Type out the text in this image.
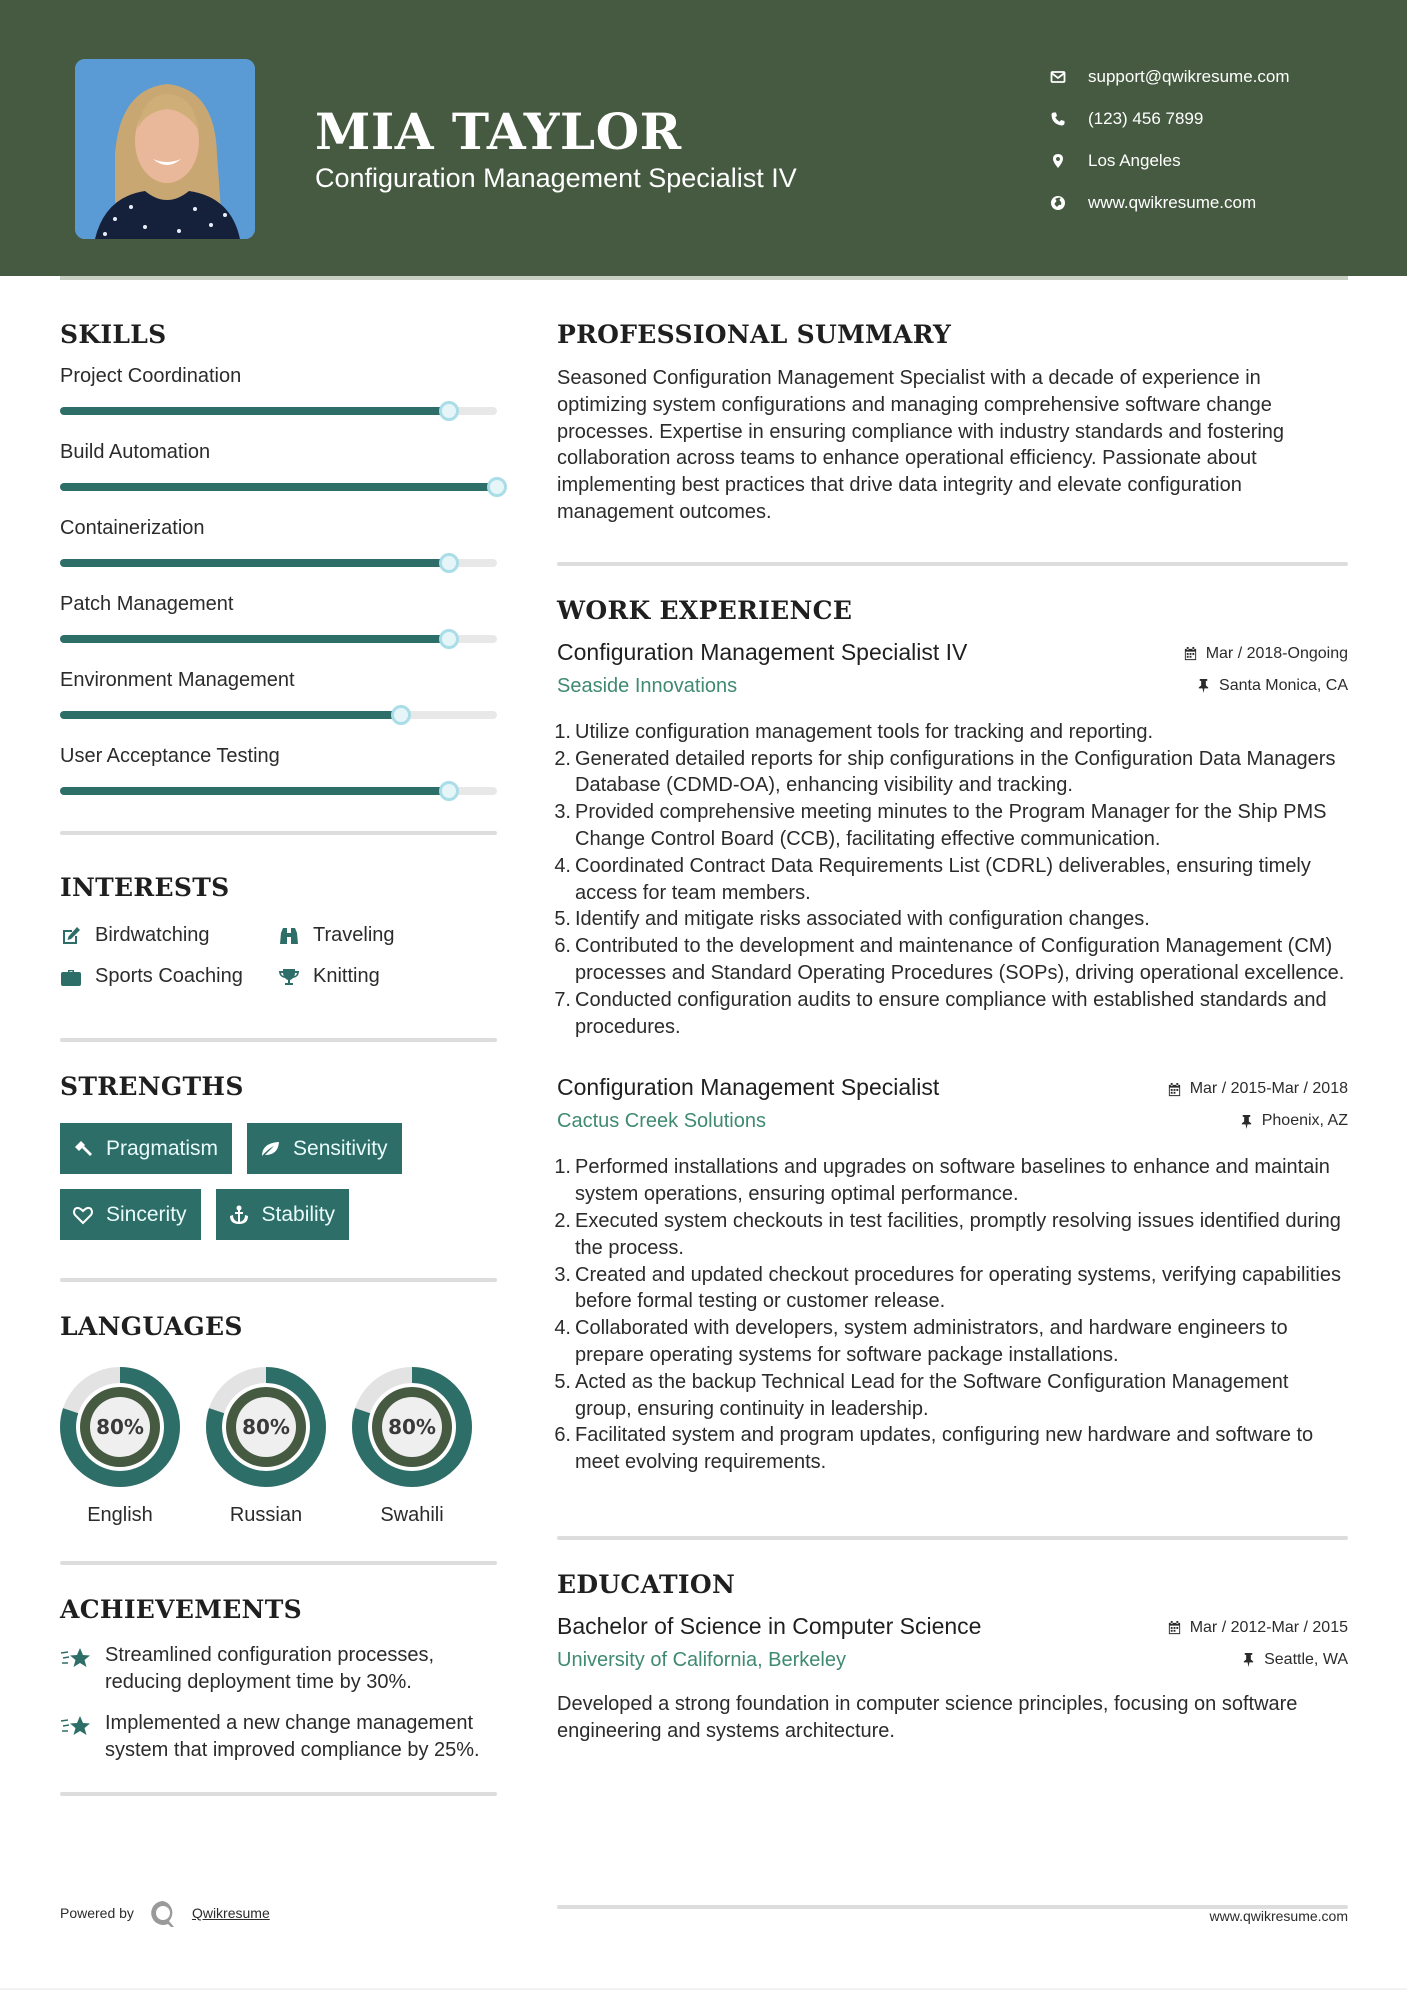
MIA TAYLOR
Configuration Management Specialist IV
support@qwikresume.com
(123) 456 7899
Los Angeles
www.qwikresume.com
SKILLS
Project Coordination
Build Automation
Containerization
Patch Management
Environment Management
User Acceptance Testing
INTERESTS
Birdwatching	Traveling
Sports Coaching	Knitting
STRENGTHS
Pragmatism	Sensitivity
Sincerity	Stability
LANGUAGES
80%
English
80%
Russian
80%
Swahili
ACHIEVEMENTS
Streamlined configuration processes, reducing deployment time by 30%.
Implemented a new change management system that improved compliance by 25%.
PROFESSIONAL SUMMARY

Seasoned Configuration Management Specialist with a decade of experience in optimizing system configurations and managing comprehensive software change processes. Expertise in ensuring compliance with industry standards and fostering collaboration across teams to enhance operational efficiency. Passionate about implementing best practices that drive data integrity and elevate configuration management outcomes.

WORK EXPERIENCE
Configuration Management Specialist IV
Seaside Innovations
Mar / 2018-Ongoing
Santa Monica, CA
1. Utilize configuration management tools for tracking and reporting.
2. Generated detailed reports for ship configurations in the Configuration Data Managers Database (CDMD-OA), enhancing visibility and tracking.
3. Provided comprehensive meeting minutes to the Program Manager for the Ship PMS Change Control Board (CCB), facilitating effective communication.
4. Coordinated Contract Data Requirements List (CDRL) deliverables, ensuring timely access for team members.
5. Identify and mitigate risks associated with configuration changes.
6. Contributed to the development and maintenance of Configuration Management (CM) processes and Standard Operating Procedures (SOPs), driving operational excellence.
7. Conducted configuration audits to ensure compliance with established standards and procedures.
Configuration Management Specialist
Cactus Creek Solutions
Mar / 2015-Mar / 2018
Phoenix, AZ
1. Performed installations and upgrades on software baselines to enhance and maintain system operations, ensuring optimal performance.
2. Executed system checkouts in test facilities, promptly resolving issues identified during the process.
3. Created and updated checkout procedures for operating systems, verifying capabilities before formal testing or customer release.
4. Collaborated with developers, system administrators, and hardware engineers to prepare operating systems for software package installations.
5. Acted as the backup Technical Lead for the Software Configuration Management group, ensuring continuity in leadership.
6. Facilitated system and program updates, configuring new hardware and software to meet evolving requirements.
EDUCATION
Bachelor of Science in Computer Science
University of California, Berkeley
Mar / 2012-Mar / 2015
Seattle, WA

Developed a strong foundation in computer science principles, focusing on software engineering and systems architecture.

Powered by	Qwikresume	www.qwikresume.com
